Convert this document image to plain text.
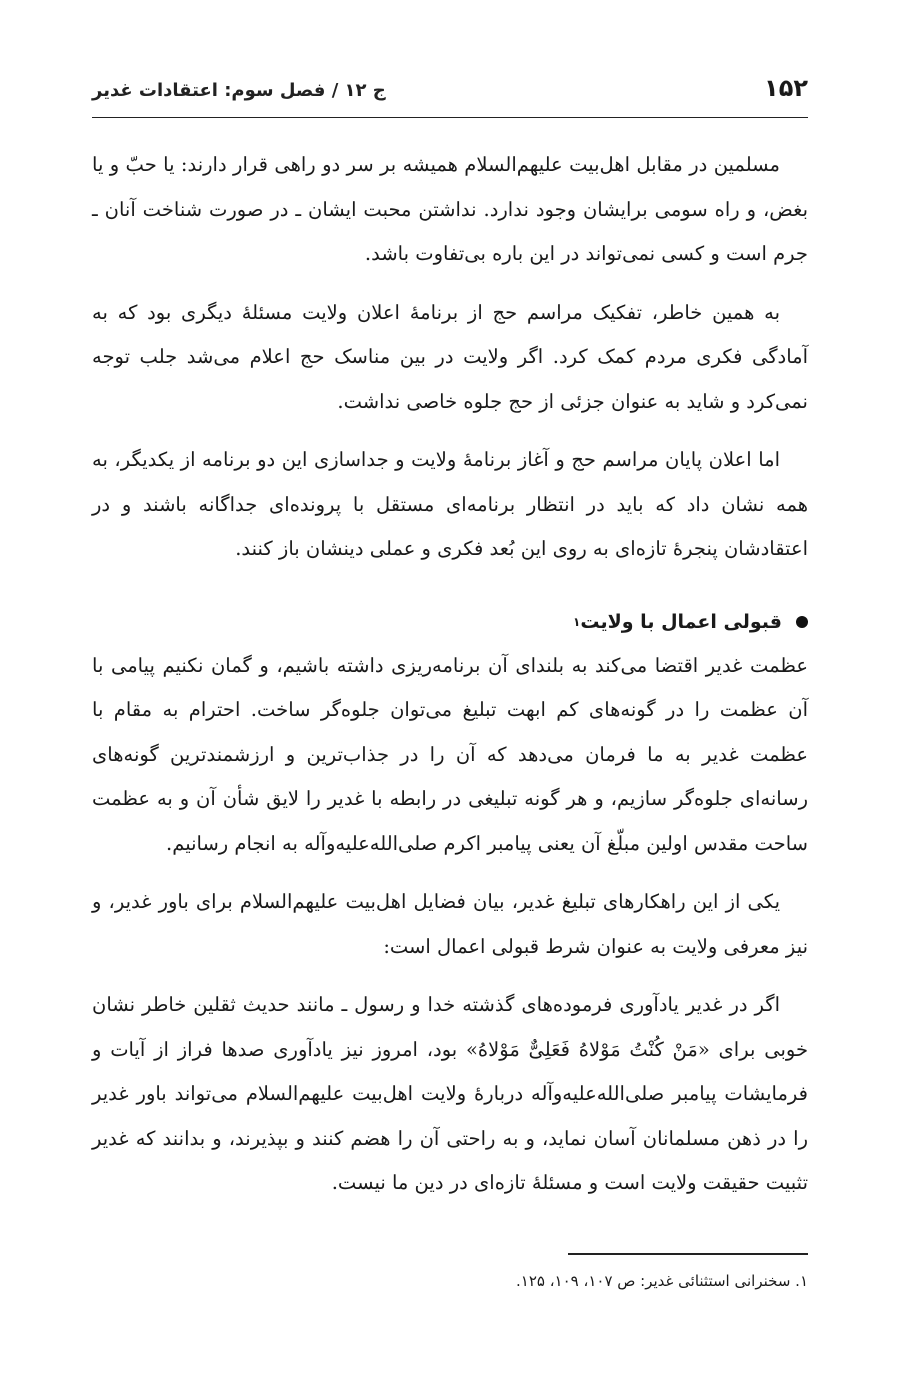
۱۵۲
ج ۱۲ / فصل سوم: اعتقادات غدیر

مسلمین در مقابل اهل‌بیت علیهم‌السلام همیشه بر سر دو راهی قرار دارند: یا حبّ و یا بغض، و راه سومی برایشان وجود ندارد. نداشتن محبت ایشان ـ در صورت شناخت آنان ـ جرم است و کسی نمی‌تواند در این باره بی‌تفاوت باشد.

به همین خاطر، تفکیک مراسم حج از برنامۀ اعلان ولایت مسئلۀ دیگری بود که به آمادگی فکری مردم کمک کرد. اگر ولایت در بین مناسک حج اعلام می‌شد جلب توجه نمی‌کرد و شاید به عنوان جزئی از حج جلوه خاصی نداشت.

اما اعلان پایان مراسم حج و آغاز برنامۀ ولایت و جداسازی این دو برنامه از یکدیگر، به همه نشان داد که باید در انتظار برنامه‌ای مستقل با پرونده‌ای جداگانه باشند و در اعتقادشان پنجرۀ تازه‌ای به روی این بُعد فکری و عملی دینشان باز کنند.

قبولی اعمال با ولایت
۱

عظمت غدیر اقتضا می‌کند به بلندای آن برنامه‌ریزی داشته باشیم، و گمان نکنیم پیامی با آن عظمت را در گونه‌های کم ابهت تبلیغ می‌توان جلوه‌گر ساخت. احترام به مقام با عظمت غدیر به ما فرمان می‌دهد که آن را در جذاب‌ترین و ارزشمندترین گونه‌های رسانه‌ای جلوه‌گر سازیم، و هر گونه تبلیغی در رابطه با غدیر را لایق شأن آن و به عظمت ساحت مقدس اولین مبلّغ آن یعنی پیامبر اکرم صلی‌الله‌علیه‌وآله به انجام رسانیم.

یکی از این راهکارهای تبلیغ غدیر، بیان فضایل اهل‌بیت علیهم‌السلام برای باور غدیر، و نیز معرفی ولایت به عنوان شرط قبولی اعمال است:

اگر در غدیر یادآوری فرموده‌های گذشته خدا و رسول ـ مانند حدیث ثقلین خاطر نشان خوبی برای «مَنْ کُنْتُ مَوْلاهُ فَعَلِیٌّ مَوْلاهُ» بود، امروز نیز یادآوری صدها فراز از آیات و فرمایشات پیامبر صلی‌الله‌علیه‌وآله دربارۀ ولایت اهل‌بیت علیهم‌السلام می‌تواند باور غدیر را در ذهن مسلمانان آسان نماید، و به راحتی آن را هضم کنند و بپذیرند، و بدانند که غدیر تثبیت حقیقت ولایت است و مسئلۀ تازه‌ای در دین ما نیست.

۱. سخنرانی استثنائی غدیر: ص ۱۰۷، ۱۰۹، ۱۲۵.
